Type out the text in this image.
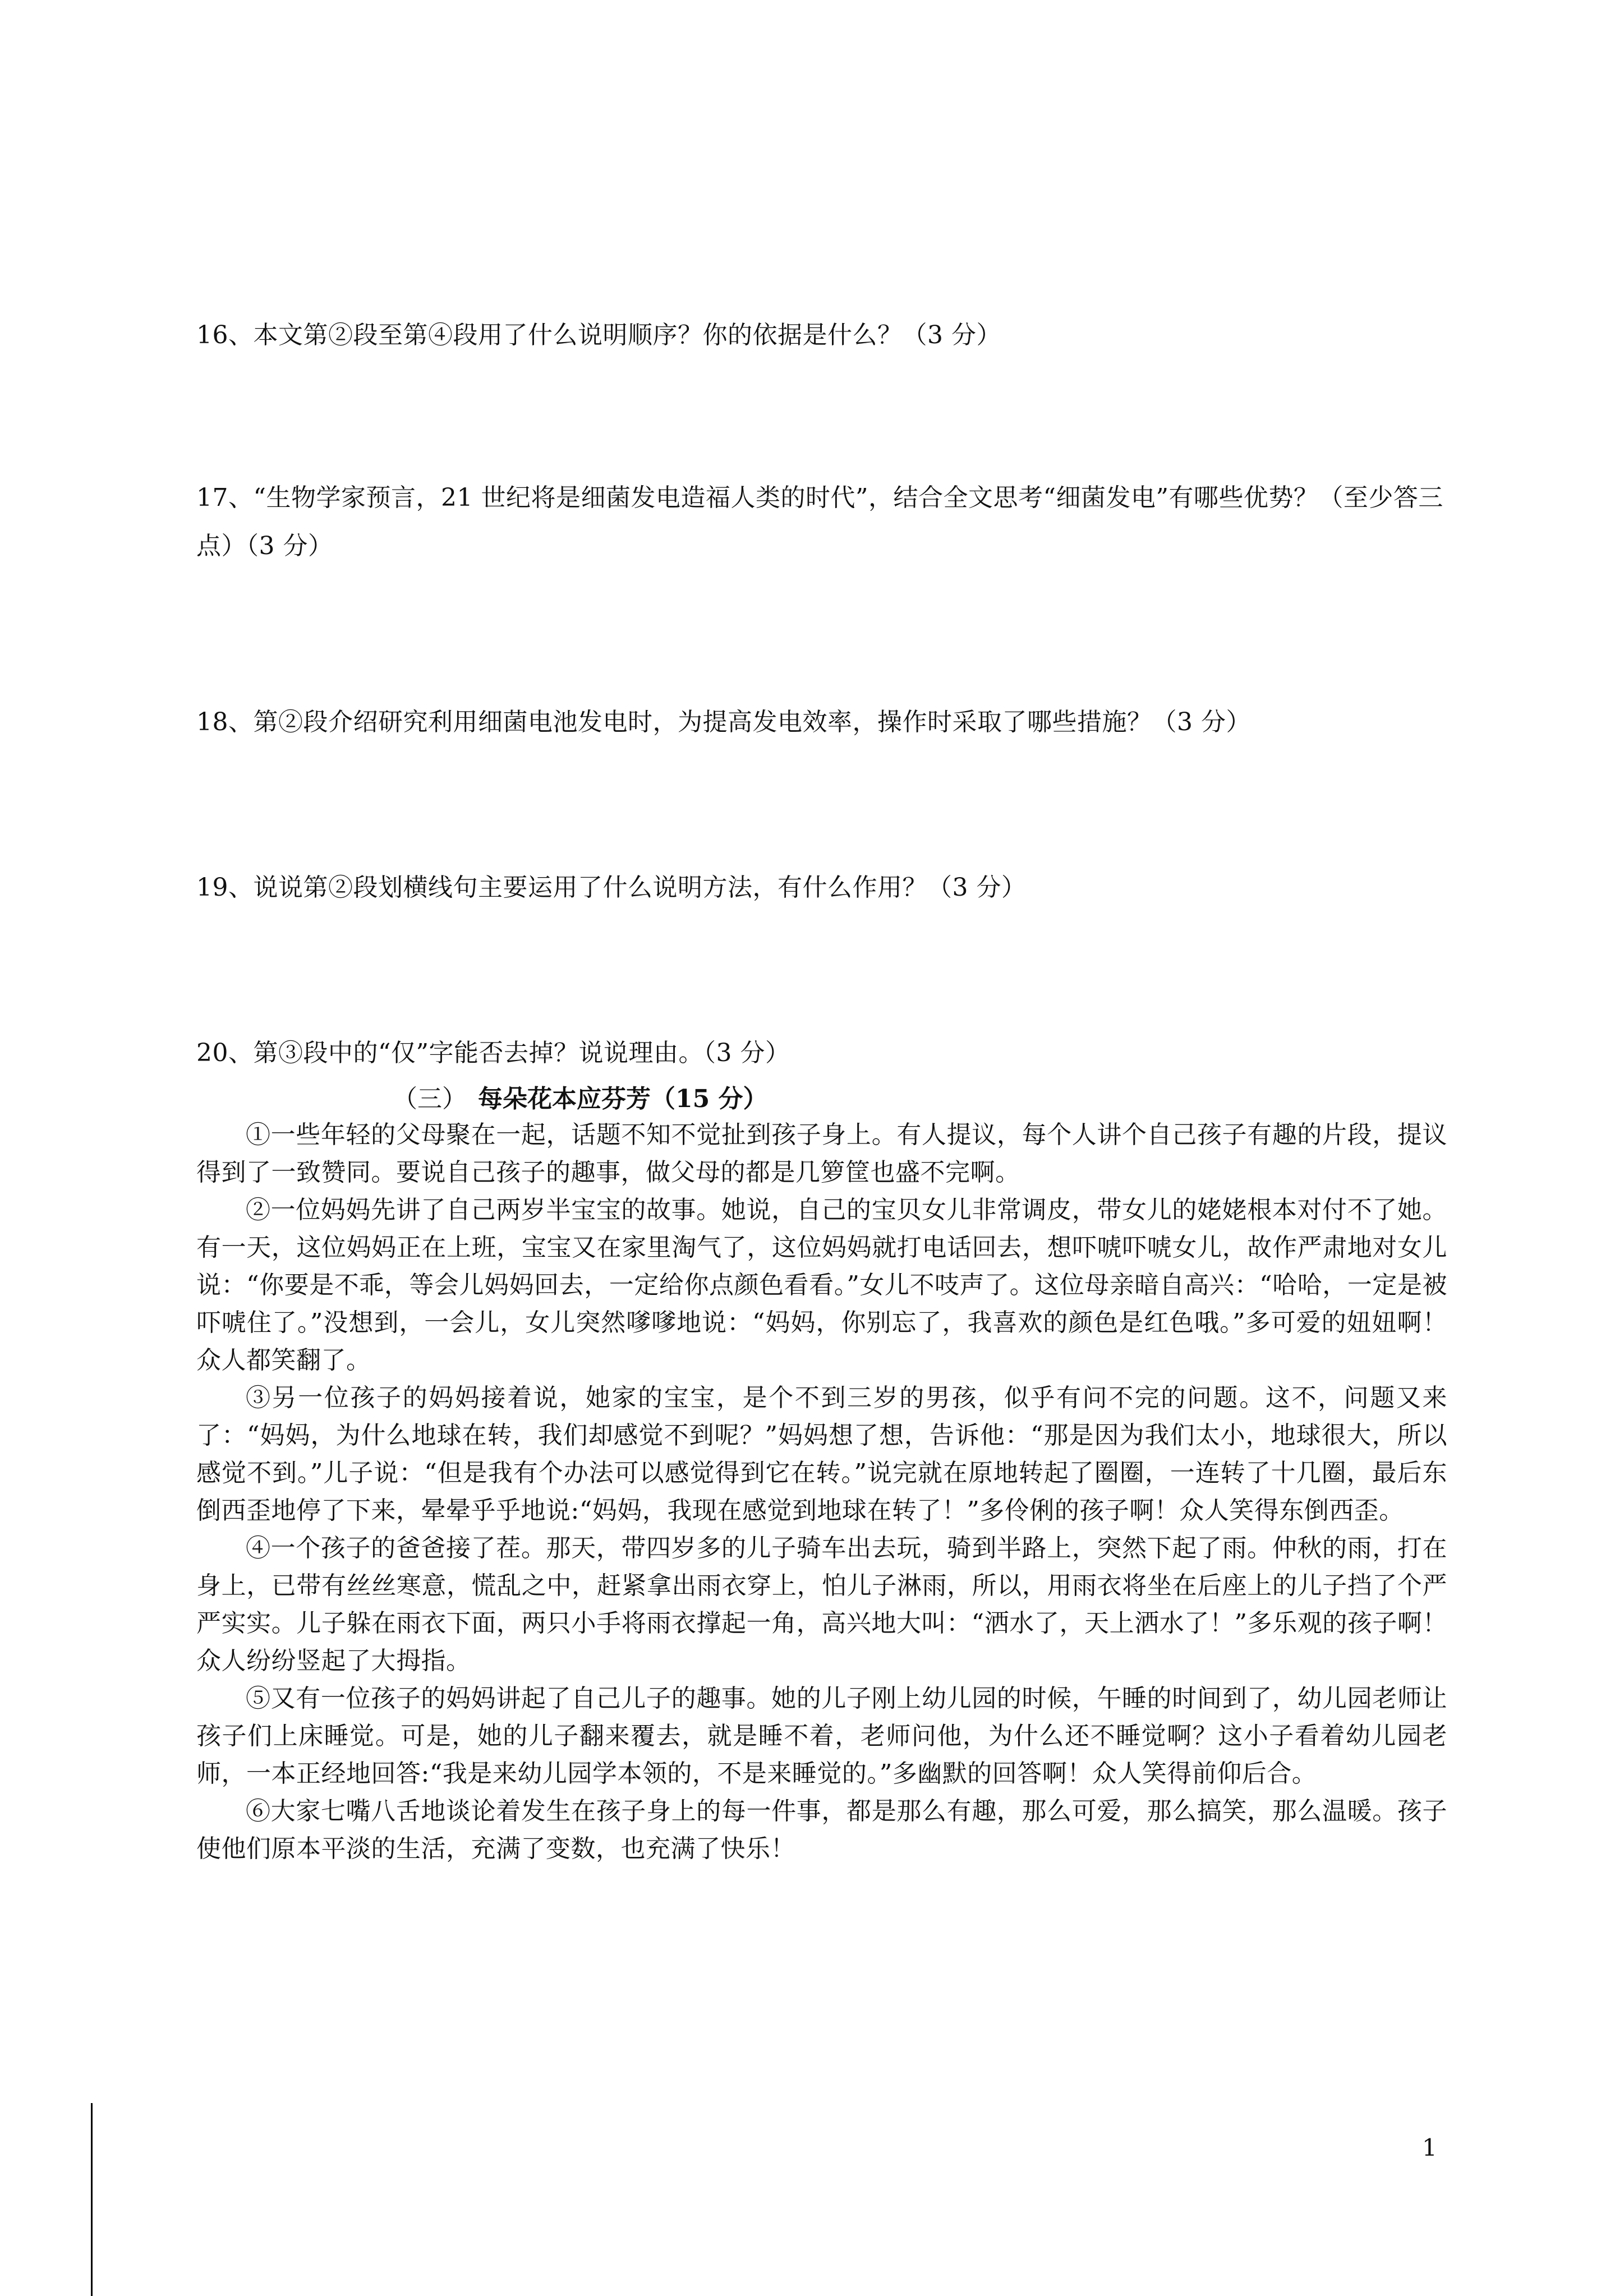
16、本文第②段至第④段用了什么说明顺序？你的依据是什么？（3 分）
17、“生物学家预言，21 世纪将是细菌发电造福人类的时代”，结合全文思考“细菌发电”有哪些优势？（至少答三点）（3 分）
18、第②段介绍研究利用细菌电池发电时，为提高发电效率，操作时采取了哪些措施？（3 分）
19、说说第②段划横线句主要运用了什么说明方法，有什么作用？（3 分）
20、第③段中的“仅”字能否去掉？说说理由。（3 分）
（三） 每朵花本应芬芳（15 分）

①一些年轻的父母聚在一起，话题不知不觉扯到孩子身上。有人提议，每个人讲个自己孩子有趣的片段，提议得到了一致赞同。要说自己孩子的趣事，做父母的都是几箩筐也盛不完啊。

②一位妈妈先讲了自己两岁半宝宝的故事。她说，自己的宝贝女儿非常调皮，带女儿的姥姥根本对付不了她。有一天，这位妈妈正在上班，宝宝又在家里淘气了，这位妈妈就打电话回去，想吓唬吓唬女儿，故作严肃地对女儿说：“你要是不乖，等会儿妈妈回去，一定给你点颜色看看。”女儿不吱声了。这位母亲暗自高兴：“哈哈，一定是被吓唬住了。”没想到，一会儿，女儿突然嗲嗲地说：“妈妈，你别忘了，我喜欢的颜色是红色哦。”多可爱的妞妞啊！众人都笑翻了。

③另一位孩子的妈妈接着说，她家的宝宝，是个不到三岁的男孩，似乎有问不完的问题。这不，问题又来了：“妈妈，为什么地球在转，我们却感觉不到呢？”妈妈想了想，告诉他：“那是因为我们太小，地球很大，所以感觉不到。”儿子说：“但是我有个办法可以感觉得到它在转。”说完就在原地转起了圈圈，一连转了十几圈，最后东倒西歪地停了下来，晕晕乎乎地说:“妈妈，我现在感觉到地球在转了！”多伶俐的孩子啊！众人笑得东倒西歪。

④一个孩子的爸爸接了茬。那天，带四岁多的儿子骑车出去玩，骑到半路上，突然下起了雨。仲秋的雨，打在身上，已带有丝丝寒意，慌乱之中，赶紧拿出雨衣穿上，怕儿子淋雨，所以，用雨衣将坐在后座上的儿子挡了个严严实实。儿子躲在雨衣下面，两只小手将雨衣撑起一角，高兴地大叫：“洒水了，天上洒水了！”多乐观的孩子啊！众人纷纷竖起了大拇指。

⑤又有一位孩子的妈妈讲起了自己儿子的趣事。她的儿子刚上幼儿园的时候，午睡的时间到了，幼儿园老师让孩子们上床睡觉。可是，她的儿子翻来覆去，就是睡不着，老师问他，为什么还不睡觉啊？这小子看着幼儿园老师，一本正经地回答:“我是来幼儿园学本领的，不是来睡觉的。”多幽默的回答啊！众人笑得前仰后合。

⑥大家七嘴八舌地谈论着发生在孩子身上的每一件事，都是那么有趣，那么可爱，那么搞笑，那么温暖。孩子使他们原本平淡的生活，充满了变数，也充满了快乐！

1
